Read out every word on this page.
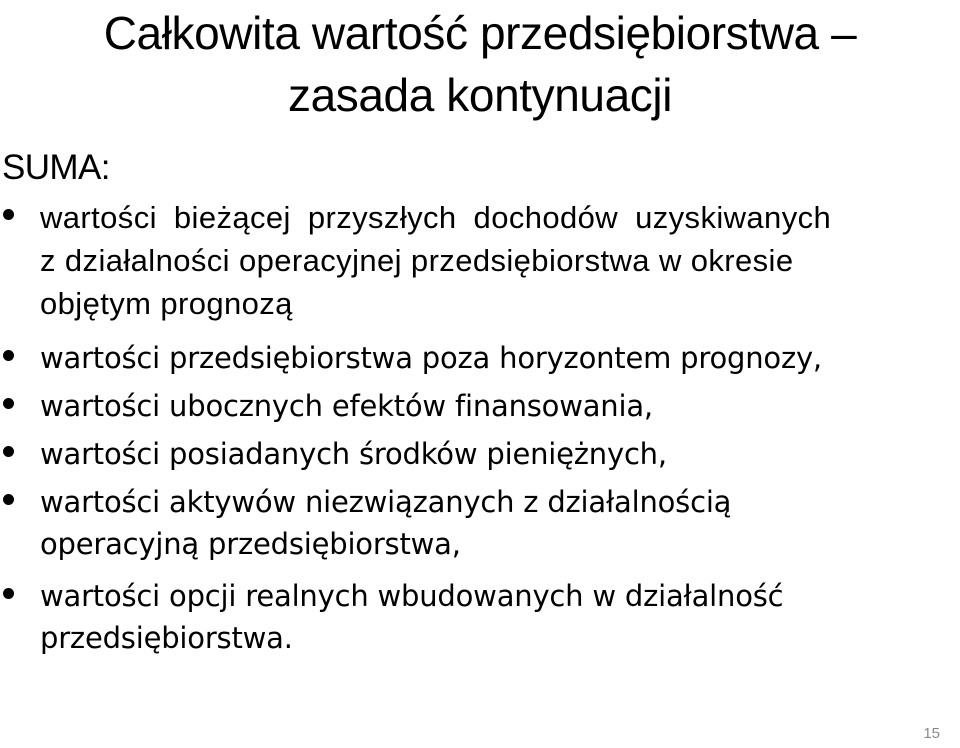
Całkowita wartość przedsiębiorstwa –
zasada kontynuacji

SUMA:

wartości bieżącej przyszłych dochodów uzyskiwanych
z działalności operacyjnej przedsiębiorstwa w okresie
objętym prognozą
wartości przedsiębiorstwa poza horyzontem prognozy,
wartości ubocznych efektów finansowania,
wartości posiadanych środków pieniężnych,
wartości aktywów niezwiązanych z działalnością
operacyjną przedsiębiorstwa,
wartości opcji realnych wbudowanych w działalność
przedsiębiorstwa.
15
